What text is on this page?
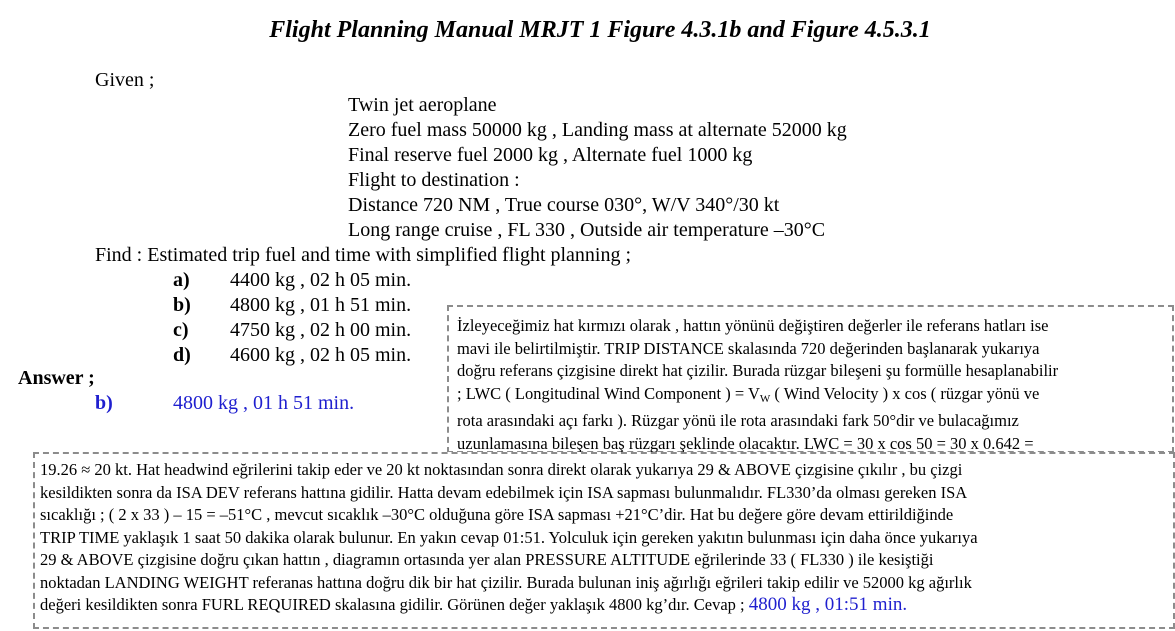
Flight Planning Manual MRJT 1 Figure 4.3.1b and Figure 4.5.3.1
Given ;
Twin jet aeroplane
Zero fuel mass 50000 kg , Landing mass at alternate 52000 kg
Final reserve fuel 2000 kg , Alternate fuel 1000 kg
Flight to destination :
Distance 720 NM , True course 030°, W/V 340°/30 kt
Long range cruise , FL 330 , Outside air temperature –30°C
Find : Estimated trip fuel and time with simplified flight planning ;
a) 4400 kg , 02 h 05 min.
b) 4800 kg , 01 h 51 min.
c) 4750 kg , 02 h 00 min.
d) 4600 kg , 02 h 05 min.
Answer ;
b)	4800 kg , 01 h 51 min.
İzleyeceğimiz hat kırmızı olarak , hattın yönünü değiştiren değerler ile referans hatları ise
mavi ile belirtilmiştir. TRIP DISTANCE skalasında 720 değerinden başlanarak yukarıya
doğru referans çizgisine direkt hat çizilir. Burada rüzgar bileşeni şu formülle hesaplanabilir
; LWC ( Longitudinal Wind Component ) = $V_W$ ( Wind Velocity ) x cos ( rüzgar yönü ve
rota arasındaki açı farkı ). Rüzgar yönü ile rota arasındaki fark 50°dir ve bulacağımız
uzunlamasına bileşen baş rüzgarı şeklinde olacaktır. LWC = 30 x cos 50 = 30 x 0.642 =
19.26 ≈ 20 kt. Hat headwind eğrilerini takip eder ve 20 kt noktasından sonra direkt olarak yukarıya 29 & ABOVE çizgisine çıkılır , bu çizgi
kesildikten sonra da ISA DEV referans hattına gidilir. Hatta devam edebilmek için ISA sapması bulunmalıdır. FL330’da olması gereken ISA
sıcaklığı ; ( 2 x 33 ) – 15 = –51°C , mevcut sıcaklık –30°C olduğuna göre ISA sapması +21°C’dir. Hat bu değere göre devam ettirildiğinde
TRIP TIME yaklaşık 1 saat 50 dakika olarak bulunur. En yakın cevap 01:51. Yolculuk için gereken yakıtın bulunması için daha önce yukarıya
29 & ABOVE çizgisine doğru çıkan hattın , diagramın ortasında yer alan PRESSURE ALTITUDE eğrilerinde 33 ( FL330 ) ile kesiştiği
noktadan LANDING WEIGHT referanas hattına doğru dik bir hat çizilir. Burada bulunan iniş ağırlığı eğrileri takip edilir ve 52000 kg ağırlık
değeri kesildikten sonra FURL REQUIRED skalasına gidilir. Görünen değer yaklaşık 4800 kg’dır. Cevap ; 4800 kg , 01:51 min.
